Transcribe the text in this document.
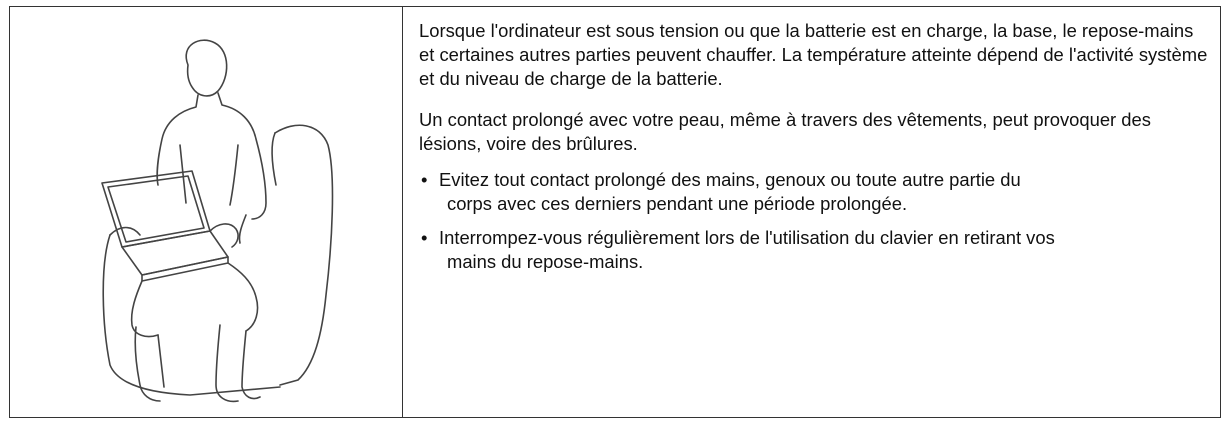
Lorsque l'ordinateur est sous tension ou que la batterie est en charge, la base, le repose-mains et certaines autres parties peuvent chauffer. La température atteinte dépend de l'activité système et du niveau de charge de la batterie.

Un contact prolongé avec votre peau, même à travers des vêtements, peut provoquer des lésions, voire des brûlures.

• Evitez tout contact prolongé des mains, genoux ou toute autre partie du
corps avec ces derniers pendant une période prolongée.
• Interrompez-vous régulièrement lors de l'utilisation du clavier en retirant vos
mains du repose-mains.
